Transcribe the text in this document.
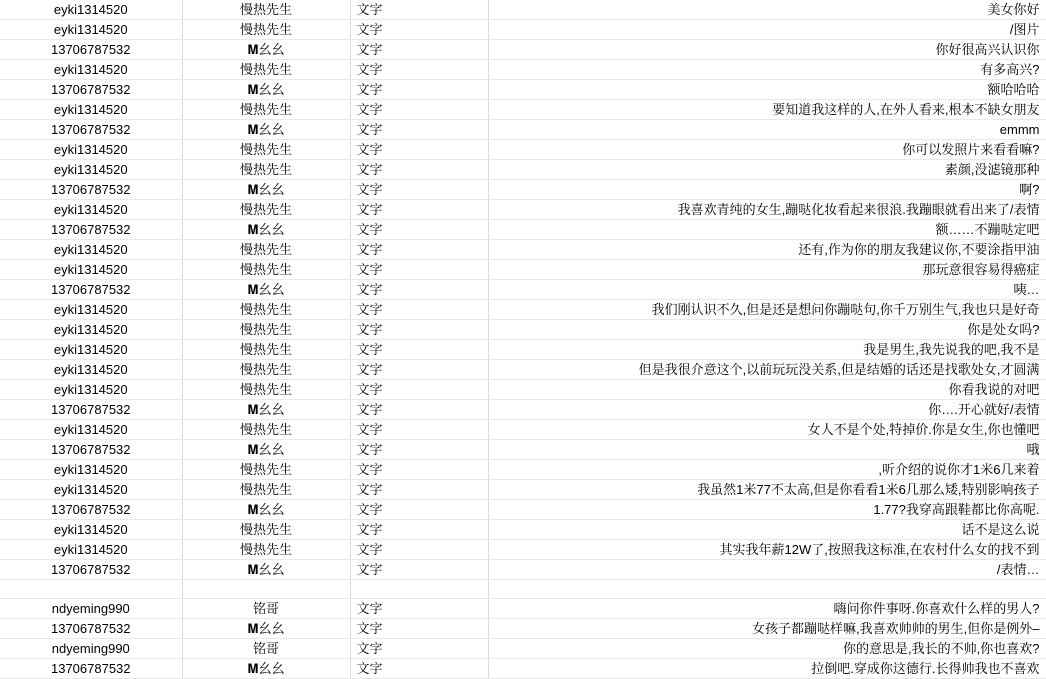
eyki1314520	慢热先生	文字	美女你好
eyki1314520	慢热先生	文字	/图片
13706787532	𝐌幺幺	文字	你好很高兴认识你
eyki1314520	慢热先生	文字	有多高兴?
13706787532	𝐌幺幺	文字	额哈哈哈
eyki1314520	慢热先生	文字	要知道我这样的人,在外人看来,根本不缺女朋友
13706787532	𝐌幺幺	文字	emmm
eyki1314520	慢热先生	文字	你可以发照片来看看嘛?
eyki1314520	慢热先生	文字	素颜,没滤镜那种
13706787532	𝐌幺幺	文字	啊?
eyki1314520	慢热先生	文字	我喜欢青纯的女生,蹦哒化妆看起来很浪.我蹦眼就看出来了/表情
13706787532	𝐌幺幺	文字	额……不蹦哒定吧
eyki1314520	慢热先生	文字	还有,作为你的朋友我建议你,不要涂指甲油
eyki1314520	慢热先生	文字	那玩意很容易得癌症
13706787532	𝐌幺幺	文字	咦…
eyki1314520	慢热先生	文字	我们刚认识不久,但是还是想问你蹦哒句,你千万别生气,我也只是好奇
eyki1314520	慢热先生	文字	你是处女吗?
eyki1314520	慢热先生	文字	我是男生,我先说我的吧,我不是
eyki1314520	慢热先生	文字	但是我很介意这个,以前玩玩没关系,但是结婚的话还是找歌处女,才圆满
eyki1314520	慢热先生	文字	你看我说的对吧
13706787532	𝐌幺幺	文字	你….开心就好/表情
eyki1314520	慢热先生	文字	女人不是个处,特掉价.你是女生,你也懂吧
13706787532	𝐌幺幺	文字	哦
eyki1314520	慢热先生	文字	,听介绍的说你才1米6几来着
eyki1314520	慢热先生	文字	我虽然1米77不太高,但是你看看1米6几那么矮,特别影响孩子
13706787532	𝐌幺幺	文字	1.77?我穿高跟鞋都比你高呢.
eyki1314520	慢热先生	文字	话不是这么说
eyki1314520	慢热先生	文字	其实我年薪12W了,按照我这标准,在农村什么女的找不到
13706787532	𝐌幺幺	文字	/表情…

ndyeming990	铭哥	文字	嗨问你件事呀.你喜欢什么样的男人?
13706787532	𝐌幺幺	文字	女孩子都蹦哒样嘛,我喜欢帅帅的男生,但你是例外–
ndyeming990	铭哥	文字	你的意思是,我长的不帅,你也喜欢?
13706787532	𝐌幺幺	文字	拉倒吧.穿成你这德行.长得帅我也不喜欢
